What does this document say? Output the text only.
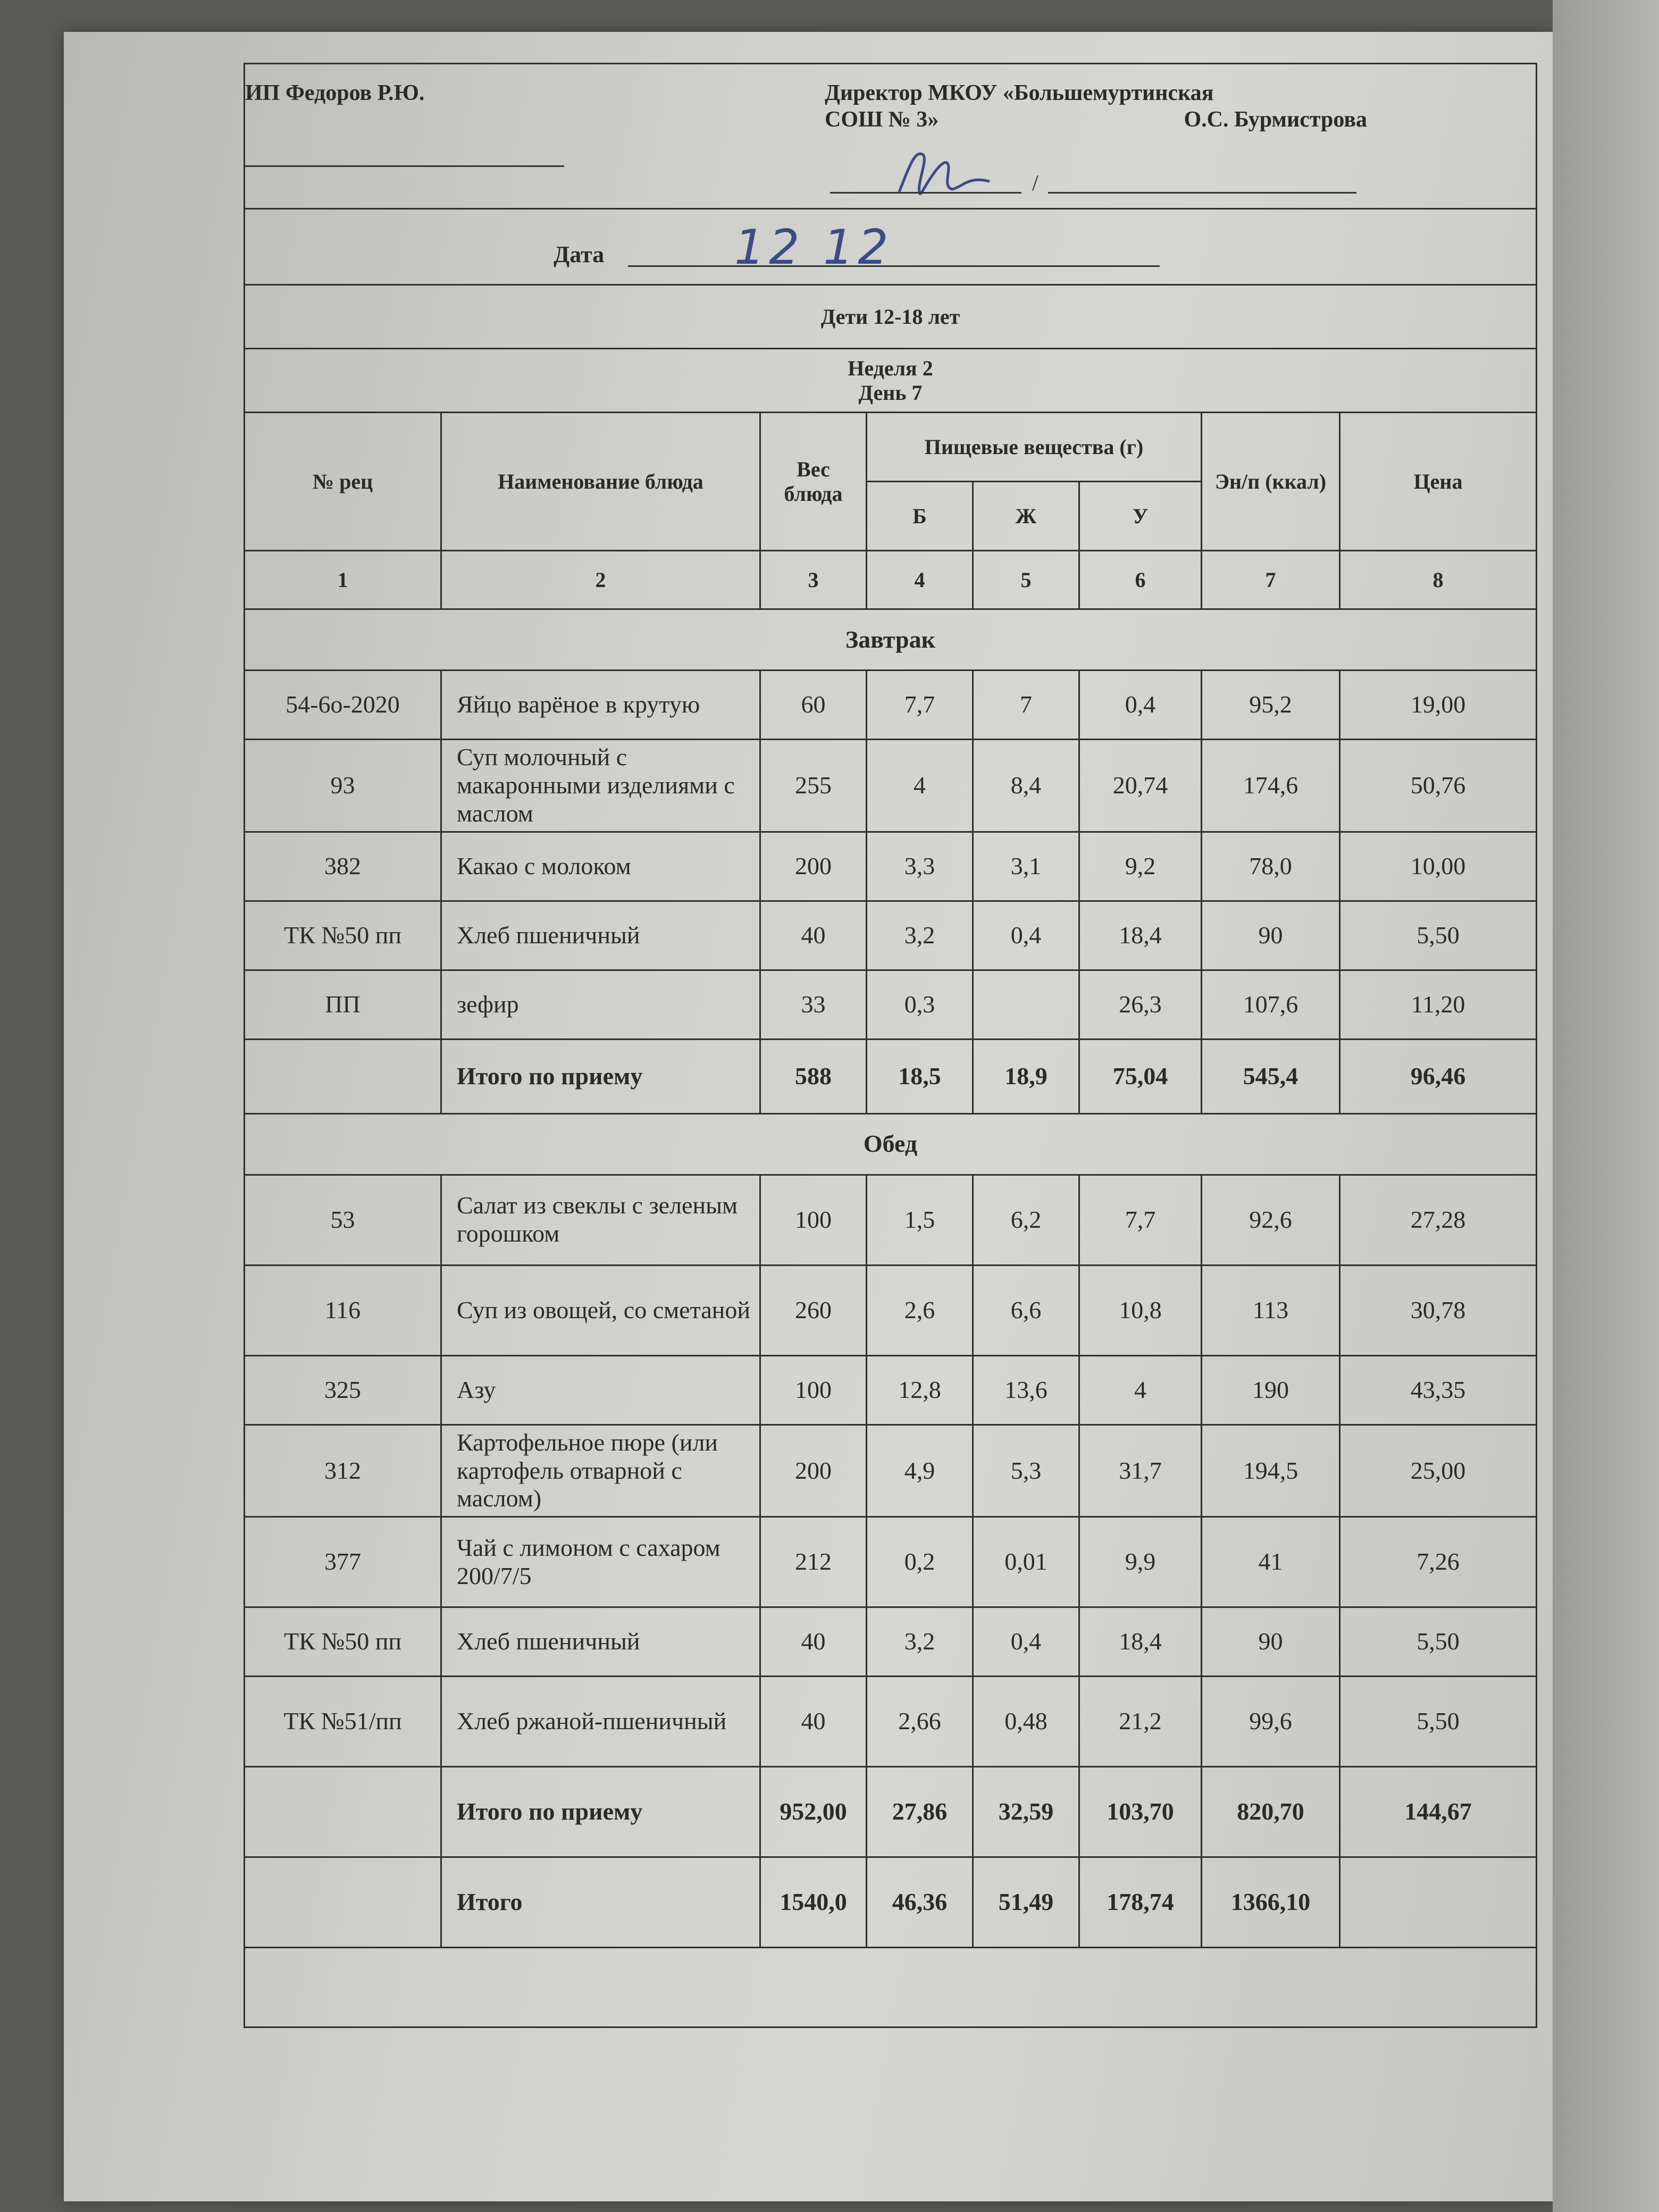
ИП Федоров Р.Ю. Директор МКОУ «Большемуртинская
СОШ № 3» О.С. Бурмистрова
/							

Дата 12 12							

Дети 12-18 лет							

Неделя 2
День 7							

№ рец	Наименование блюда	Вес блюда	Пищевые вещества (г)			Эн/п (ккал)	Цена
			Б	Ж	У		
1	2	3	4	5	6	7	8
Завтрак							
54-6о-2020	Яйцо варёное в крутую	60	7,7	7	0,4	95,2	19,00
93	Суп молочный с макаронными изделиями с маслом	255	4	8,4	20,74	174,6	50,76
382	Какао с молоком	200	3,3	3,1	9,2	78,0	10,00
ТК №50 пп	Хлеб пшеничный	40	3,2	0,4	18,4	90	5,50
ПП	зефир	33	0,3		26,3	107,6	11,20
	Итого по приему	588	18,5	18,9	75,04	545,4	96,46
Обед							
53	Салат из свеклы с зеленым горошком	100	1,5	6,2	7,7	92,6	27,28
116	Суп из овощей, со сметаной	260	2,6	6,6	10,8	113	30,78
325	Азу	100	12,8	13,6	4	190	43,35
312	Картофельное пюре (или картофель отварной с маслом)	200	4,9	5,3	31,7	194,5	25,00
377	Чай с лимоном с сахаром 200/7/5	212	0,2	0,01	9,9	41	7,26
ТК №50 пп	Хлеб пшеничный	40	3,2	0,4	18,4	90	5,50
ТК №51/пп	Хлеб ржаной-пшеничный	40	2,66	0,48	21,2	99,6	5,50
	Итого по приему	952,00	27,86	32,59	103,70	820,70	144,67
	Итого	1540,0	46,36	51,49	178,74	1366,10	
